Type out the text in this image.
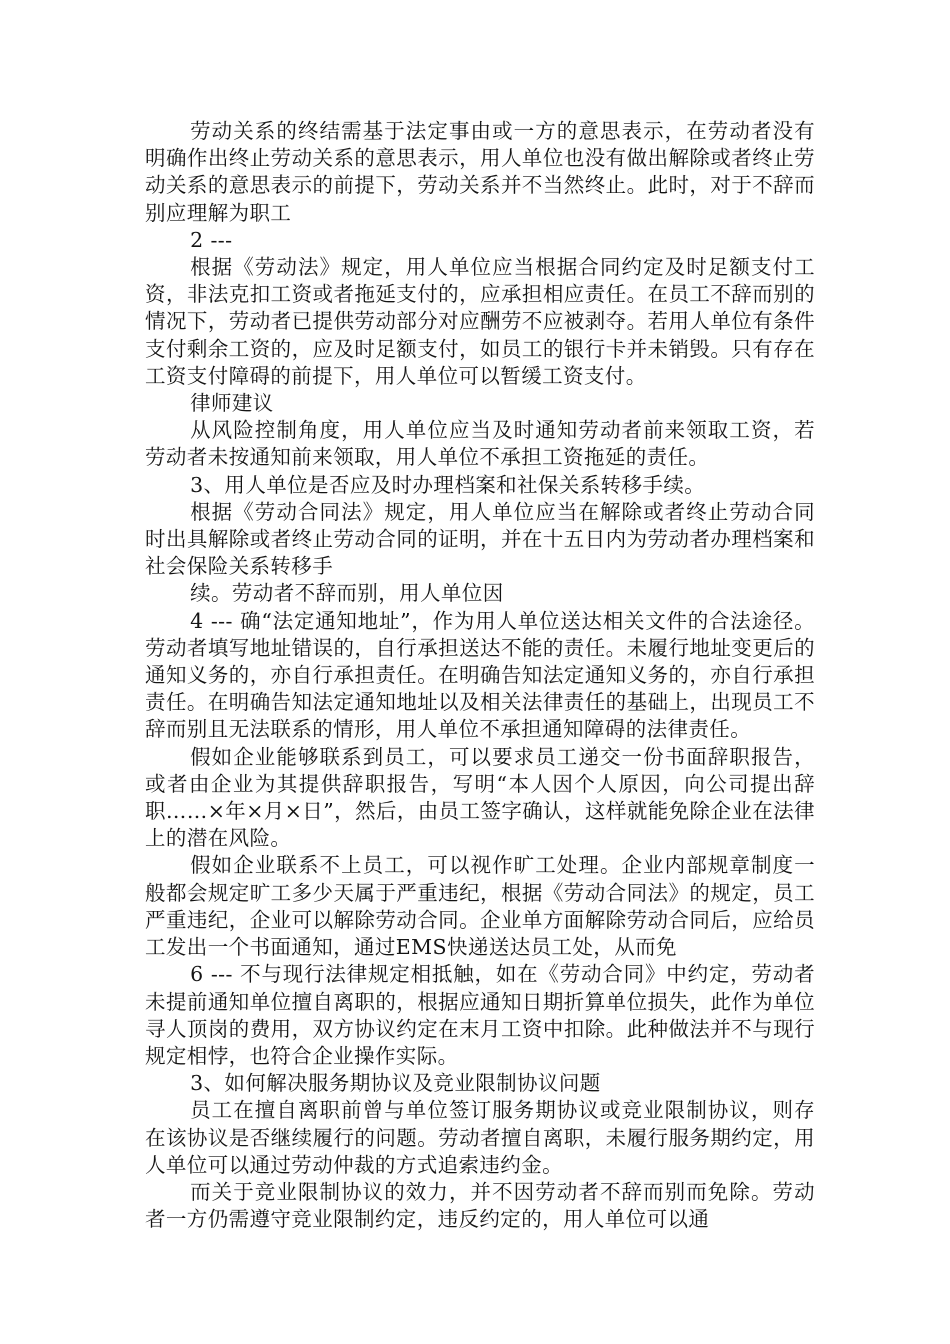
劳动关系的终结需基于法定事由或一方的意思表示，在劳动者没有明确作出终止劳动关系的意思表示，用人单位也没有做出解除或者终止劳动关系的意思表示的前提下，劳动关系并不当然终止。此时，对于不辞而别应理解为职工

2 ---

根据《劳动法》规定，用人单位应当根据合同约定及时足额支付工资，非法克扣工资或者拖延支付的，应承担相应责任。在员工不辞而别的情况下，劳动者已提供劳动部分对应酬劳不应被剥夺。若用人单位有条件支付剩余工资的，应及时足额支付，如员工的银行卡并未销毁。只有存在工资支付障碍的前提下，用人单位可以暂缓工资支付。

律师建议

从风险控制角度，用人单位应当及时通知劳动者前来领取工资，若劳动者未按通知前来领取，用人单位不承担工资拖延的责任。

3、用人单位是否应及时办理档案和社保关系转移手续。

根据《劳动合同法》规定，用人单位应当在解除或者终止劳动合同时出具解除或者终止劳动合同的证明，并在十五日内为劳动者办理档案和社会保险关系转移手

续。劳动者不辞而别，用人单位因

4 --- 确“法定通知地址”，作为用人单位送达相关文件的合法途径。劳动者填写地址错误的，自行承担送达不能的责任。未履行地址变更后的通知义务的，亦自行承担责任。在明确告知法定通知义务的，亦自行承担责任。在明确告知法定通知地址以及相关法律责任的基础上，出现员工不辞而别且无法联系的情形，用人单位不承担通知障碍的法律责任。

假如企业能够联系到员工，可以要求员工递交一份书面辞职报告，或者由企业为其提供辞职报告，写明“本人因个人原因，向公司提出辞职……×年×月×日”，然后，由员工签字确认，这样就能免除企业在法律上的潜在风险。

假如企业联系不上员工，可以视作旷工处理。企业内部规章制度一般都会规定旷工多少天属于严重违纪，根据《劳动合同法》的规定，员工严重违纪，企业可以解除劳动合同。企业单方面解除劳动合同后，应给员工发出一个书面通知，通过EMS快递送达员工处，从而免

6 --- 不与现行法律规定相抵触，如在《劳动合同》中约定，劳动者未提前通知单位擅自离职的，根据应通知日期折算单位损失，此作为单位寻人顶岗的费用，双方协议约定在末月工资中扣除。此种做法并不与现行规定相悖，也符合企业操作实际。

3、如何解决服务期协议及竞业限制协议问题

员工在擅自离职前曾与单位签订服务期协议或竞业限制协议，则存在该协议是否继续履行的问题。劳动者擅自离职，未履行服务期约定，用人单位可以通过劳动仲裁的方式追索违约金。

而关于竞业限制协议的效力，并不因劳动者不辞而别而免除。劳动者一方仍需遵守竞业限制约定，违反约定的，用人单位可以通
